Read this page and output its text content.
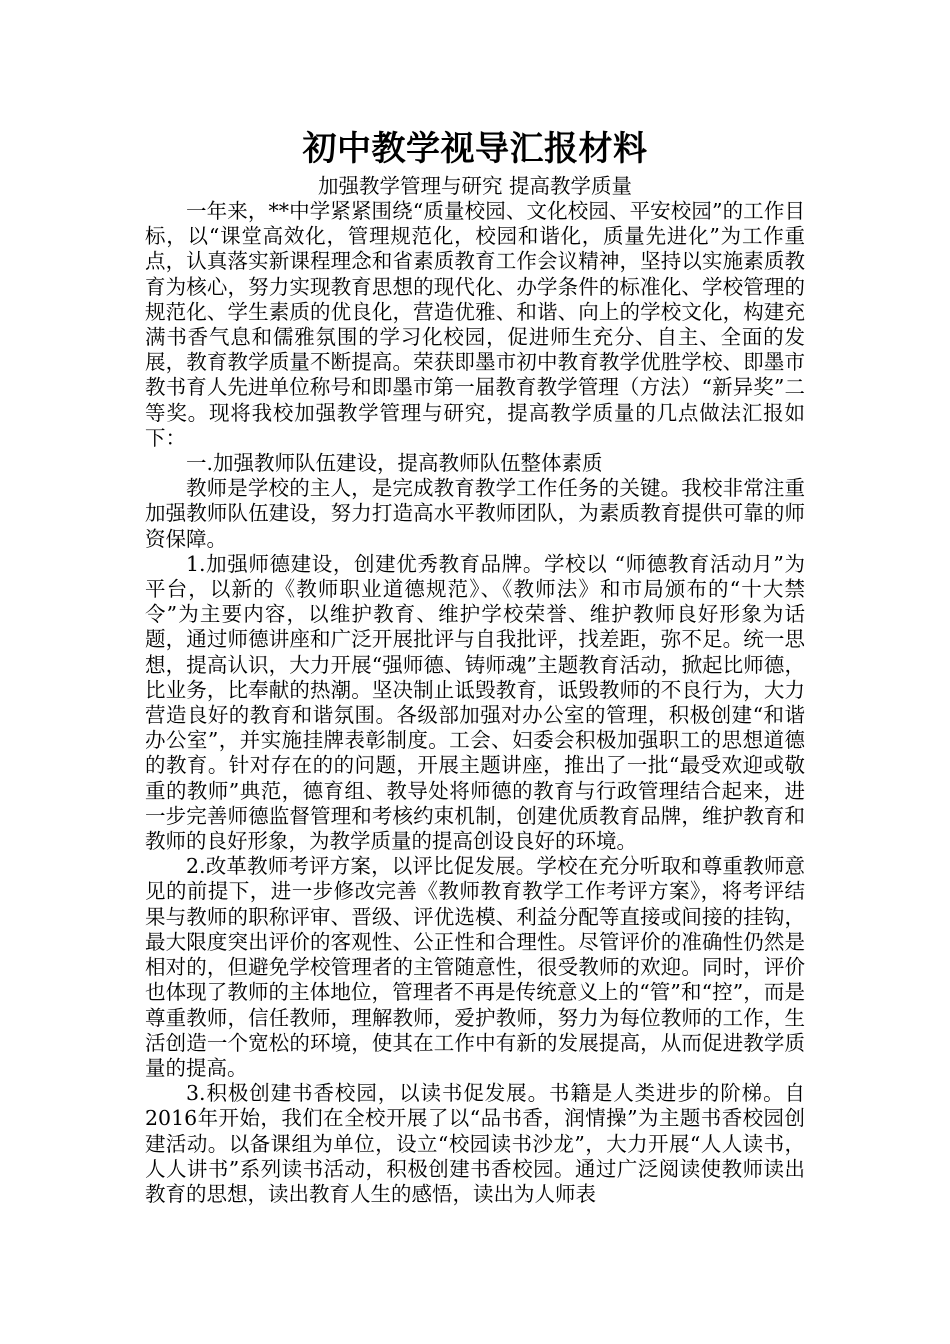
初中教学视导汇报材料

加强教学管理与研究 提高教学质量

一年来，**中学紧紧围绕“质量校园、文化校园、平安校园”的工作目标，以“课堂高效化，管理规范化，校园和谐化，质量先进化”为工作重点，认真落实新课程理念和省素质教育工作会议精神，坚持以实施素质教育为核心，努力实现教育思想的现代化、办学条件的标准化、学校管理的规范化、学生素质的优良化，营造优雅、和谐、向上的学校文化，构建充满书香气息和儒雅氛围的学习化校园，促进师生充分、自主、全面的发展，教育教学质量不断提高。荣获即墨市初中教育教学优胜学校、即墨市教书育人先进单位称号和即墨市第一届教育教学管理（方法）“新异奖”二等奖。现将我校加强教学管理与研究，提高教学质量的几点做法汇报如下：

一.加强教师队伍建设，提高教师队伍整体素质

教师是学校的主人，是完成教育教学工作任务的关键。我校非常注重加强教师队伍建设，努力打造高水平教师团队，为素质教育提供可靠的师资保障。

1.加强师德建设，创建优秀教育品牌。学校以 “师德教育活动月”为平台，以新的《教师职业道德规范》、《教师法》和市局颁布的“十大禁令”为主要内容，以维护教育、维护学校荣誉、维护教师良好形象为话题，通过师德讲座和广泛开展批评与自我批评，找差距，弥不足。统一思想，提高认识，大力开展“强师德、铸师魂”主题教育活动，掀起比师德，比业务，比奉献的热潮。坚决制止诋毁教育，诋毁教师的不良行为，大力营造良好的教育和谐氛围。各级部加强对办公室的管理，积极创建“和谐办公室”，并实施挂牌表彰制度。工会、妇委会积极加强职工的思想道德的教育。针对存在的的问题，开展主题讲座，推出了一批“最受欢迎或敬重的教师”典范，德育组、教导处将师德的教育与行政管理结合起来，进一步完善师德监督管理和考核约束机制，创建优质教育品牌，维护教育和教师的良好形象，为教学质量的提高创设良好的环境。

2.改革教师考评方案，以评比促发展。学校在充分听取和尊重教师意见的前提下，进一步修改完善《教师教育教学工作考评方案》，将考评结果与教师的职称评审、晋级、评优选模、利益分配等直接或间接的挂钩，最大限度突出评价的客观性、公正性和合理性。尽管评价的准确性仍然是相对的，但避免学校管理者的主管随意性，很受教师的欢迎。同时，评价也体现了教师的主体地位，管理者不再是传统意义上的“管”和“控”，而是尊重教师，信任教师，理解教师，爱护教师，努力为每位教师的工作，生活创造一个宽松的环境，使其在工作中有新的发展提高，从而促进教学质量的提高。

3.积极创建书香校园，以读书促发展。书籍是人类进步的阶梯。自2016年开始，我们在全校开展了以“品书香，润情操”为主题书香校园创建活动。以备课组为单位，设立“校园读书沙龙”，大力开展“人人读书，人人讲书”系列读书活动，积极创建书香校园。通过广泛阅读使教师读出教育的思想，读出教育人生的感悟，读出为人师表
